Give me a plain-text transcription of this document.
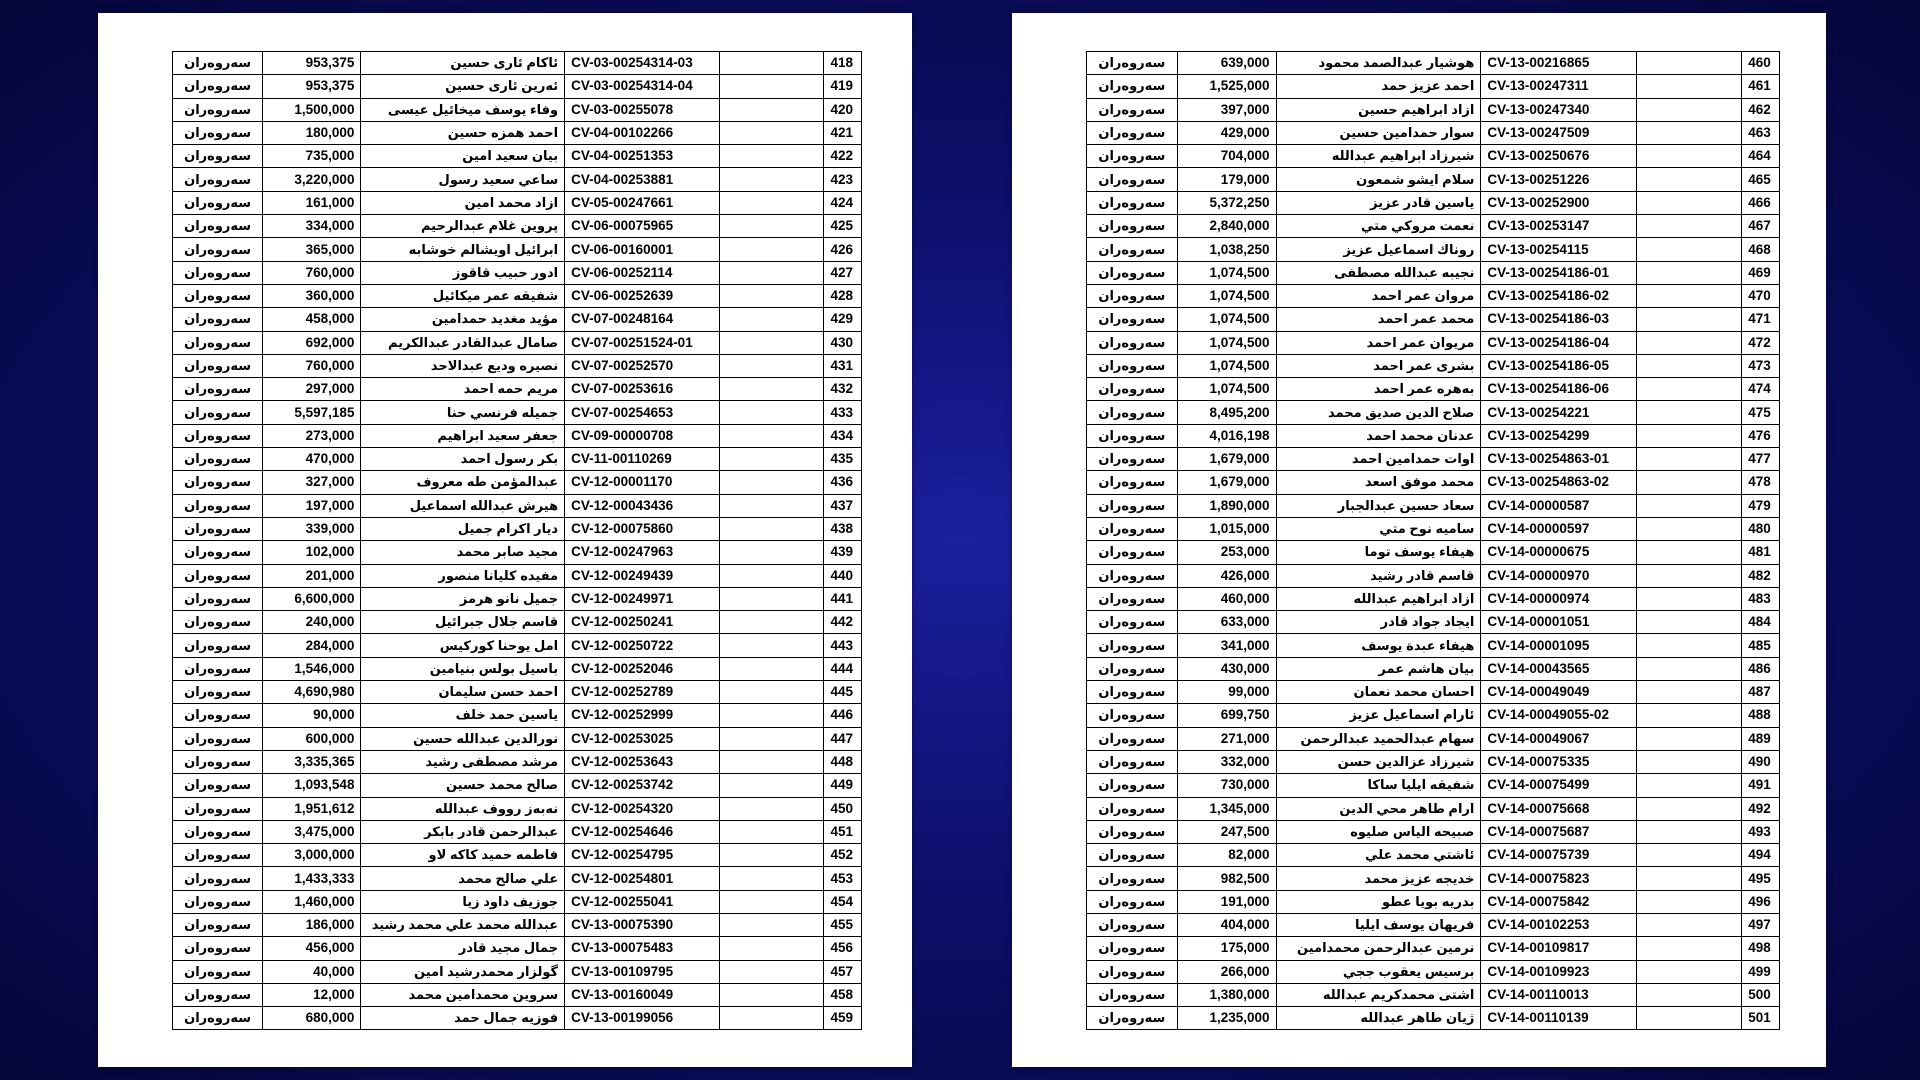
سەروەران	953,375	ئاكام ئاری حسین	CV-03-00254314-03		418
سەروەران	953,375	ئەرین ئاری حسین	CV-03-00254314-04		419
سەروەران	1,500,000	وفاء يوسف ميخائيل عيسى	CV-03-00255078		420
سەروەران	180,000	احمد همزه حسين	CV-04-00102266		421
سەروەران	735,000	بيان سعيد امين	CV-04-00251353		422
سەروەران	3,220,000	ساعي سعيد رسول	CV-04-00253881		423
سەروەران	161,000	ازاد محمد امين	CV-05-00247661		424
سەروەران	334,000	پروين غلام عبدالرحيم	CV-06-00075965		425
سەروەران	365,000	ابرائيل اويشالم خوشابه	CV-06-00160001		426
سەروەران	760,000	ادور حبيب قاقوز	CV-06-00252114		427
سەروەران	360,000	شفيقه عمر ميكائيل	CV-06-00252639		428
سەروەران	458,000	مؤيد مغديد حمدامين	CV-07-00248164		429
سەروەران	692,000	صامال عبدالقادر عبدالكريم	CV-07-00251524-01		430
سەروەران	760,000	نصيره وديع عبدالاحد	CV-07-00252570		431
سەروەران	297,000	مريم حمه احمد	CV-07-00253616		432
سەروەران	5,597,185	جميله فرنسي حنا	CV-07-00254653		433
سەروەران	273,000	جعفر سعيد ابراهيم	CV-09-00000708		434
سەروەران	470,000	بكر رسول احمد	CV-11-00110269		435
سەروەران	327,000	عبدالمؤمن طه معروف	CV-12-00001170		436
سەروەران	197,000	هيرش عبدالله اسماعيل	CV-12-00043436		437
سەروەران	339,000	ديار اكرام جميل	CV-12-00075860		438
سەروەران	102,000	مجيد صابر محمد	CV-12-00247963		439
سەروەران	201,000	مفيده كليانا منصور	CV-12-00249439		440
سەروەران	6,600,000	جميل نانو هرمز	CV-12-00249971		441
سەروەران	240,000	قاسم جلال جبرائيل	CV-12-00250241		442
سەروەران	284,000	امل يوحنا كوركيس	CV-12-00250722		443
سەروەران	1,546,000	باسيل بولس بنيامين	CV-12-00252046		444
سەروەران	4,690,980	احمد حسن سليمان	CV-12-00252789		445
سەروەران	90,000	ياسين حمد خلف	CV-12-00252999		446
سەروەران	600,000	نورالدين عبدالله حسين	CV-12-00253025		447
سەروەران	3,335,365	مرشد مصطفى رشيد	CV-12-00253643		448
سەروەران	1,093,548	صالح محمد حسين	CV-12-00253742		449
سەروەران	1,951,612	نەبەز رووف عبدالله	CV-12-00254320		450
سەروەران	3,475,000	عبدالرحمن قادر بابكر	CV-12-00254646		451
سەروەران	3,000,000	فاطمه حميد كاكه لاو	CV-12-00254795		452
سەروەران	1,433,333	علي صالح محمد	CV-12-00254801		453
سەروەران	1,460,000	جوزيف داود زيا	CV-12-00255041		454
سەروەران	186,000	عبدالله محمد علي محمد رشيد	CV-13-00075390		455
سەروەران	456,000	جمال مجيد قادر	CV-13-00075483		456
سەروەران	40,000	گولزار محمدرشيد امين	CV-13-00109795		457
سەروەران	12,000	سروين محمدامين محمد	CV-13-00160049		458
سەروەران	680,000	فوزيه جمال حمد	CV-13-00199056		459
سەروەران	639,000	هوشيار عبدالصمد محمود	CV-13-00216865		460
سەروەران	1,525,000	احمد عزيز حمد	CV-13-00247311		461
سەروەران	397,000	ازاد ابراهيم حسين	CV-13-00247340		462
سەروەران	429,000	سوار حمدامين حسين	CV-13-00247509		463
سەروەران	704,000	شيرزاد ابراهيم عبدالله	CV-13-00250676		464
سەروەران	179,000	سلام ايشو شمعون	CV-13-00251226		465
سەروەران	5,372,250	ياسين قادر عزيز	CV-13-00252900		466
سەروەران	2,840,000	نعمت مروكي متي	CV-13-00253147		467
سەروەران	1,038,250	روناك اسماعيل عزيز	CV-13-00254115		468
سەروەران	1,074,500	نجيبه عبدالله مصطفى	CV-13-00254186-01		469
سەروەران	1,074,500	مروان عمر احمد	CV-13-00254186-02		470
سەروەران	1,074,500	محمد عمر احمد	CV-13-00254186-03		471
سەروەران	1,074,500	مريوان عمر احمد	CV-13-00254186-04		472
سەروەران	1,074,500	بشرى عمر احمد	CV-13-00254186-05		473
سەروەران	1,074,500	بەهره عمر احمد	CV-13-00254186-06		474
سەروەران	8,495,200	صلاح الدين صديق محمد	CV-13-00254221		475
سەروەران	4,016,198	عدنان محمد احمد	CV-13-00254299		476
سەروەران	1,679,000	اوات حمدامين احمد	CV-13-00254863-01		477
سەروەران	1,679,000	محمد موفق اسعد	CV-13-00254863-02		478
سەروەران	1,890,000	سعاد حسين عبدالجبار	CV-14-00000587		479
سەروەران	1,015,000	ساميه نوح متي	CV-14-00000597		480
سەروەران	253,000	هيفاء يوسف توما	CV-14-00000675		481
سەروەران	426,000	قاسم قادر رشيد	CV-14-00000970		482
سەروەران	460,000	ازاد ابراهيم عبدالله	CV-14-00000974		483
سەروەران	633,000	ايجاد جواد قادر	CV-14-00001051		484
سەروەران	341,000	هيفاء عبدة يوسف	CV-14-00001095		485
سەروەران	430,000	بيان هاشم عمر	CV-14-00043565		486
سەروەران	99,000	احسان محمد نعمان	CV-14-00049049		487
سەروەران	699,750	ئارام اسماعيل عزيز	CV-14-00049055-02		488
سەروەران	271,000	سهام عبدالحميد عبدالرحمن	CV-14-00049067		489
سەروەران	332,000	شيرزاد عزالدين حسن	CV-14-00075335		490
سەروەران	730,000	شفيقه ايليا ساكا	CV-14-00075499		491
سەروەران	1,345,000	ارام طاهر محي الدين	CV-14-00075668		492
سەروەران	247,500	صبيحه الياس صليوه	CV-14-00075687		493
سەروەران	82,000	ئاشتي محمد علي	CV-14-00075739		494
سەروەران	982,500	خديجه عزيز محمد	CV-14-00075823		495
سەروەران	191,000	بدريه بويا عطو	CV-14-00075842		496
سەروەران	404,000	فريهان يوسف ايليا	CV-14-00102253		497
سەروەران	175,000	نرمين عبدالرحمن محمدامين	CV-14-00109817		498
سەروەران	266,000	برسيس يعقوب ججي	CV-14-00109923		499
سەروەران	1,380,000	اشتى محمدكريم عبدالله	CV-14-00110013		500
سەروەران	1,235,000	ژيان طاهر عبدالله	CV-14-00110139		501
